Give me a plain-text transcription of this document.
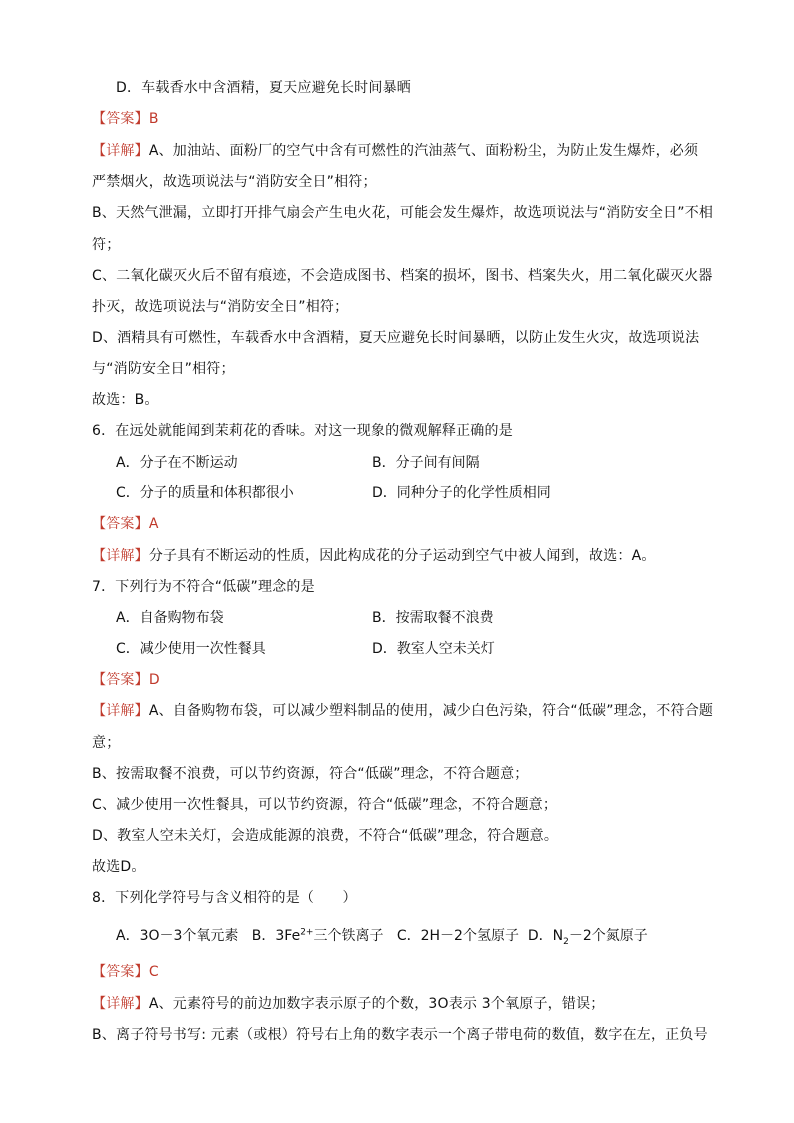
D．车载香水中含酒精，夏天应避免长时间暴晒
【答案】B
【详解】A、加油站、面粉厂的空气中含有可燃性的汽油蒸气、面粉粉尘，为防止发生爆炸，必须
严禁烟火，故选项说法与“消防安全日”相符；
B、天然气泄漏，立即打开排气扇会产生电火花，可能会发生爆炸，故选项说法与“消防安全日”不相
符；
C、二氧化碳灭火后不留有痕迹，不会造成图书、档案的损坏，图书、档案失火，用二氧化碳灭火器
扑灭，故选项说法与“消防安全日”相符；
D、酒精具有可燃性，车载香水中含酒精，夏天应避免长时间暴晒，以防止发生火灾，故选项说法
与“消防安全日”相符；
故选：B。
6．在远处就能闻到茉莉花的香味。对这一现象的微观解释正确的是
A．分子在不断运动	B．分子间有间隔
C．分子的质量和体积都很小	D．同种分子的化学性质相同
【答案】A
【详解】分子具有不断运动的性质，因此构成花的分子运动到空气中被人闻到，故选：A。
7．下列行为不符合“低碳”理念的是
A．自备购物布袋	B．按需取餐不浪费
C．减少使用一次性餐具	D．教室人空未关灯
【答案】D
【详解】A、自备购物布袋，可以减少塑料制品的使用，减少白色污染，符合“低碳”理念，不符合题
意；
B、按需取餐不浪费，可以节约资源，符合“低碳”理念，不符合题意；
C、减少使用一次性餐具，可以节约资源，符合“低碳”理念，不符合题意；
D、教室人空未关灯，会造成能源的浪费，不符合“低碳”理念，符合题意。
故选D。
8．下列化学符号与含义相符的是（　　）
A．3O－3个氧元素 B．$3Fe^{2+}$三个铁离子 C．2H－2个氢原子 D．$N_2-2$个氮原子
【答案】C
【详解】A、元素符号的前边加数字表示原子的个数，3O表示 3个氧原子，错误；
B、离子符号书写: 元素（或根）符号右上角的数字表示一个离子带电荷的数值，数字在左，正负号
